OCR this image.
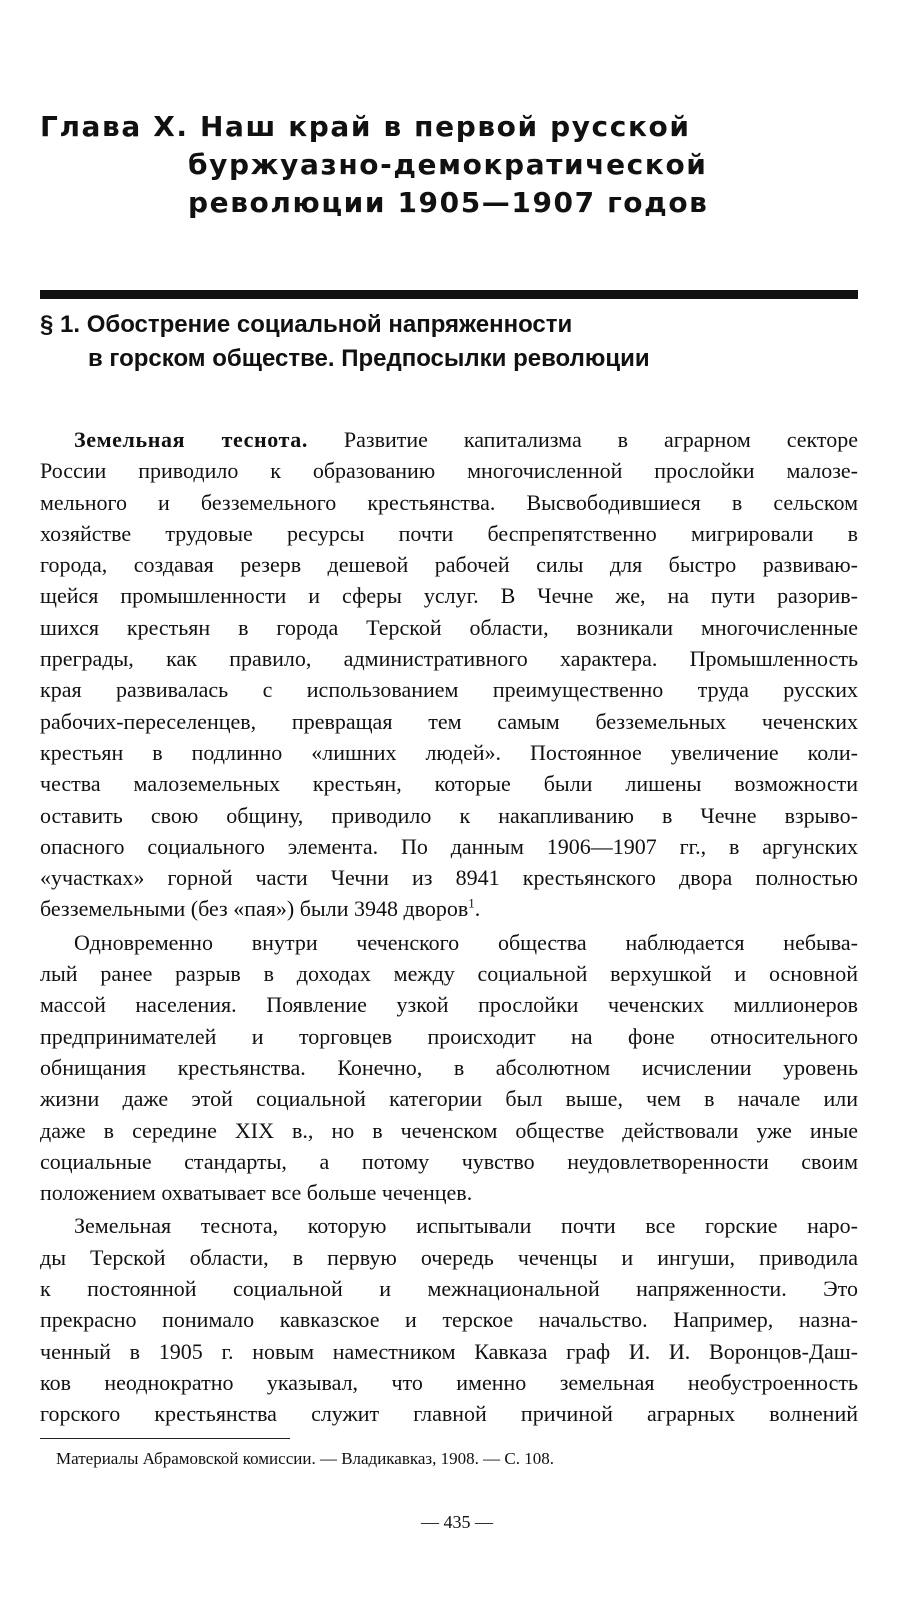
Глава X. Наш край в первой русской
буржуазно-демократической
революции 1905—1907 годов
§ 1. Обострение социальной напряженности
в горском обществе. Предпосылки революции
Земельная теснота. Развитие капитализма в аграрном секторе
России приводило к образованию многочисленной прослойки малозе-
мельного и безземельного крестьянства. Высвободившиеся в сельском
хозяйстве трудовые ресурсы почти беспрепятственно мигрировали в
города, создавая резерв дешевой рабочей силы для быстро развиваю-
щейся промышленности и сферы услуг. В Чечне же, на пути разорив-
шихся крестьян в города Терской области, возникали многочисленные
преграды, как правило, административного характера. Промышленность
края развивалась с использованием преимущественно труда русских
рабочих-переселенцев, превращая тем самым безземельных чеченских
крестьян в подлинно «лишних людей». Постоянное увеличение коли-
чества малоземельных крестьян, которые были лишены возможности
оставить свою общину, приводило к накапливанию в Чечне взрыво-
опасного социального элемента. По данным 1906—1907 гг., в аргунских
«участках» горной части Чечни из 8941 крестьянского двора полностью
безземельными (без «пая») были 3948 дворов$^1$.
Одновременно внутри чеченского общества наблюдается небыва-
лый ранее разрыв в доходах между социальной верхушкой и основной
массой населения. Появление узкой прослойки чеченских миллионеров
предпринимателей и торговцев происходит на фоне относительного
обнищания крестьянства. Конечно, в абсолютном исчислении уровень
жизни даже этой социальной категории был выше, чем в начале или
даже в середине XIX в., но в чеченском обществе действовали уже иные
социальные стандарты, а потому чувство неудовлетворенности своим
положением охватывает все больше чеченцев.
Земельная теснота, которую испытывали почти все горские наро-
ды Терской области, в первую очередь чеченцы и ингуши, приводила
к постоянной социальной и межнациональной напряженности. Это
прекрасно понимало кавказское и терское начальство. Например, назна-
ченный в 1905 г. новым наместником Кавказа граф И. И. Воронцов-Даш-
ков неоднократно указывал, что именно земельная необустроенность
горского крестьянства служит главной причиной аграрных волнений
Материалы Абрамовской комиссии. — Владикавказ, 1908. — С. 108.
— 435 —
